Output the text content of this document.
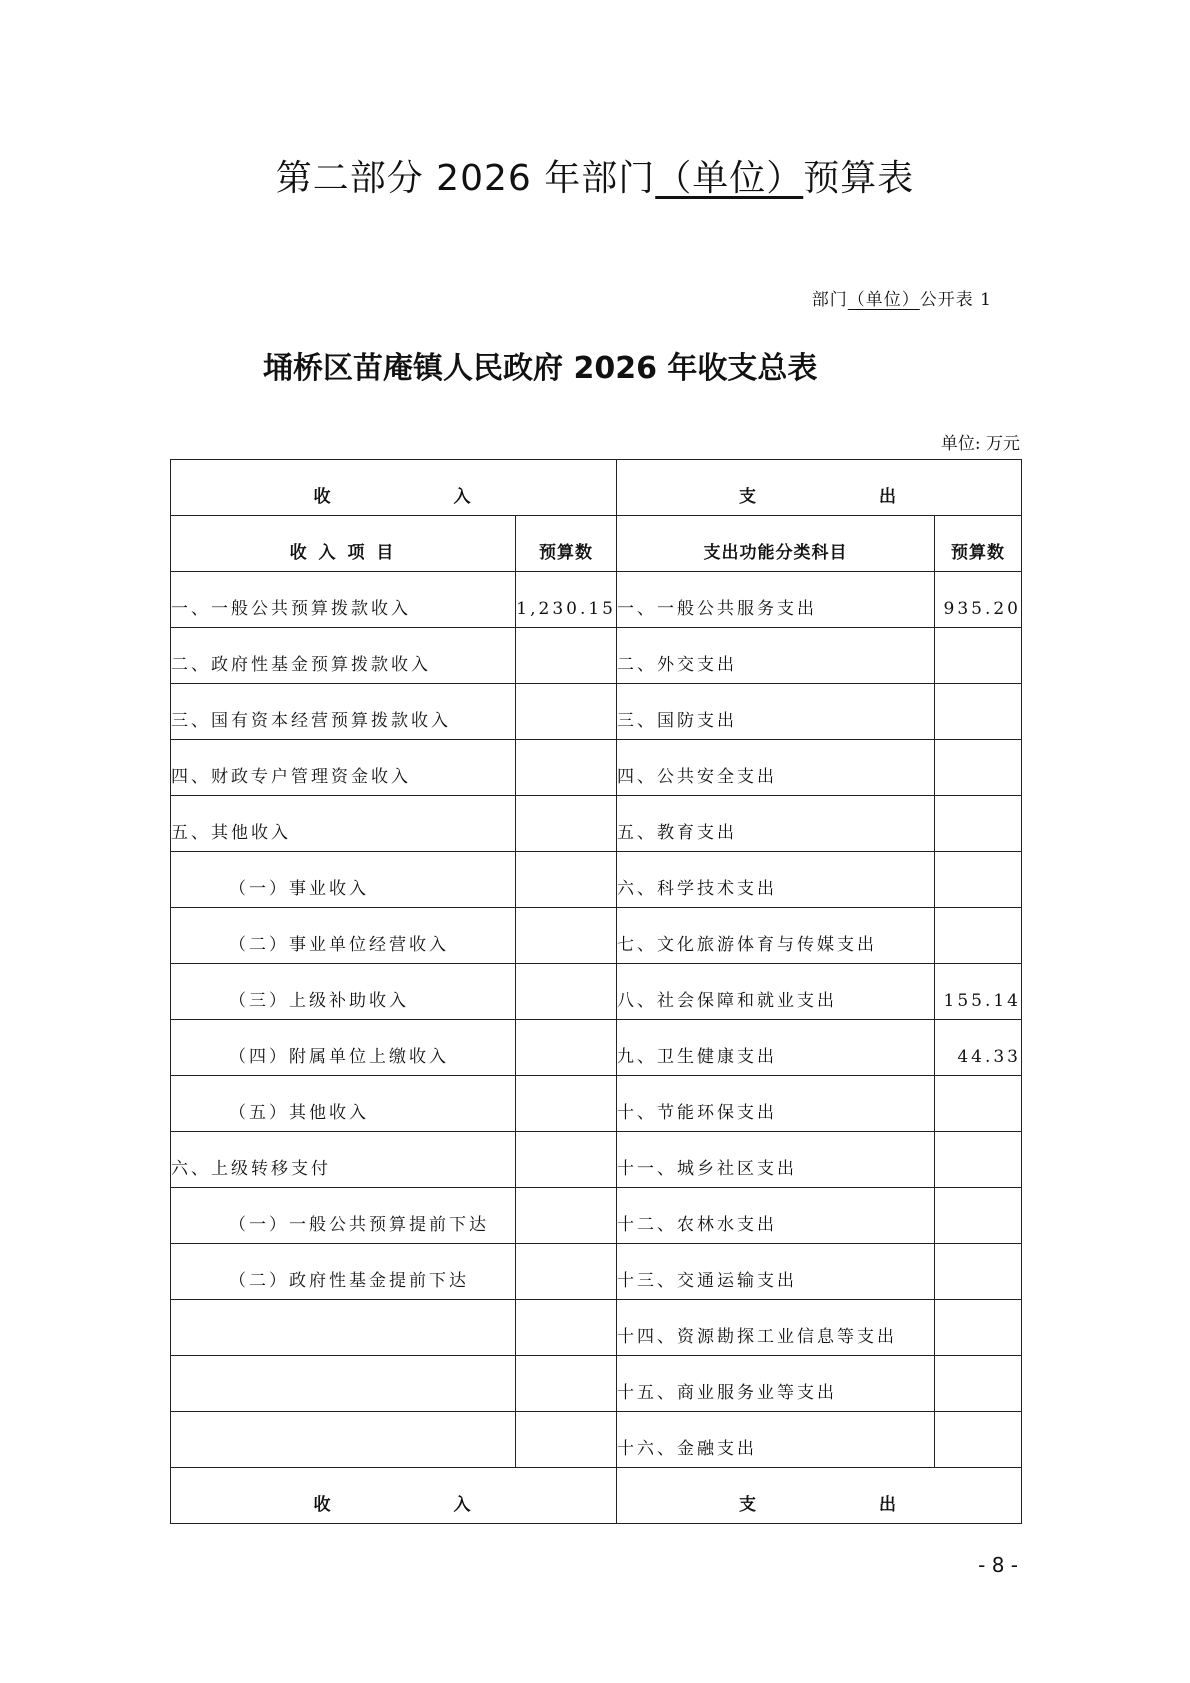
第二部分 2026 年部门（单位）预算表
部门（单位）公开表 1
埇桥区苗庵镇人民政府 2026 年收支总表
单位: 万元
收 入		支 出	
收 入 项 目	预算数	支出功能分类科目	预算数
一、一般公共预算拨款收入	1,230.15	一、一般公共服务支出	935.20
二、政府性基金预算拨款收入		二、外交支出	
三、国有资本经营预算拨款收入		三、国防支出	
四、财政专户管理资金收入		四、公共安全支出	
五、其他收入		五、教育支出	
（一）事业收入		六、科学技术支出	
（二）事业单位经营收入		七、文化旅游体育与传媒支出	
（三）上级补助收入		八、社会保障和就业支出	155.14
（四）附属单位上缴收入		九、卫生健康支出	44.33
（五）其他收入		十、节能环保支出	
六、上级转移支付		十一、城乡社区支出	
（一）一般公共预算提前下达		十二、农林水支出	
（二）政府性基金提前下达		十三、交通运输支出	
		十四、资源勘探工业信息等支出	
		十五、商业服务业等支出	
		十六、金融支出	
收 入		支 出	
- 8 -
